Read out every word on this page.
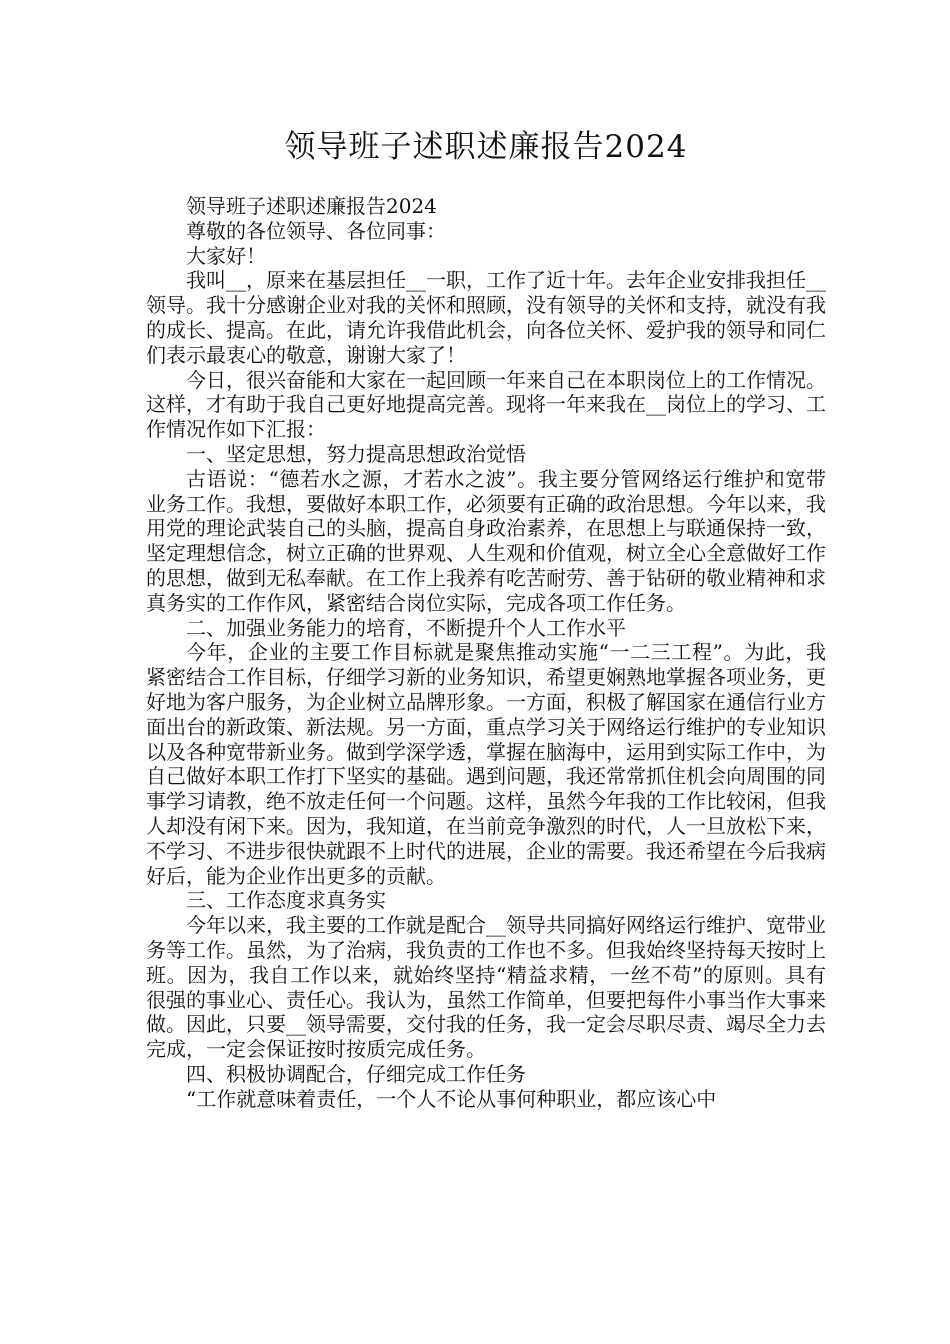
领导班子述职述廉报告2024

领导班子述职述廉报告2024

尊敬的各位领导、各位同事：

大家好！

我叫__，原来在基层担任__一职，工作了近十年。去年企业安排我担任__领导。我十分感谢企业对我的关怀和照顾，没有领导的关怀和支持，就没有我的成长、提高。在此，请允许我借此机会，向各位关怀、爱护我的领导和同仁们表示最衷心的敬意，谢谢大家了！

今日，很兴奋能和大家在一起回顾一年来自己在本职岗位上的工作情况。这样，才有助于我自己更好地提高完善。现将一年来我在__岗位上的学习、工作情况作如下汇报：

一、坚定思想，努力提高思想政治觉悟

古语说：“德若水之源，才若水之波”。我主要分管网络运行维护和宽带业务工作。我想，要做好本职工作，必须要有正确的政治思想。今年以来，我用党的理论武装自己的头脑，提高自身政治素养，在思想上与联通保持一致，坚定理想信念，树立正确的世界观、人生观和价值观，树立全心全意做好工作的思想，做到无私奉献。在工作上我养有吃苦耐劳、善于钻研的敬业精神和求真务实的工作作风，紧密结合岗位实际，完成各项工作任务。

二、加强业务能力的培育，不断提升个人工作水平

今年，企业的主要工作目标就是聚焦推动实施“一二三工程”。为此，我紧密结合工作目标，仔细学习新的业务知识，希望更娴熟地掌握各项业务，更好地为客户服务，为企业树立品牌形象。一方面，积极了解国家在通信行业方面出台的新政策、新法规。另一方面，重点学习关于网络运行维护的专业知识以及各种宽带新业务。做到学深学透，掌握在脑海中，运用到实际工作中，为自己做好本职工作打下坚实的基础。遇到问题，我还常常抓住机会向周围的同事学习请教，绝不放走任何一个问题。这样，虽然今年我的工作比较闲，但我人却没有闲下来。因为，我知道，在当前竞争激烈的时代，人一旦放松下来，不学习、不进步很快就跟不上时代的进展，企业的需要。我还希望在今后我病好后，能为企业作出更多的贡献。

三、工作态度求真务实

今年以来，我主要的工作就是配合__领导共同搞好网络运行维护、宽带业务等工作。虽然，为了治病，我负责的工作也不多。但我始终坚持每天按时上班。因为，我自工作以来，就始终坚持“精益求精，一丝不苟”的原则。具有很强的事业心、责任心。我认为，虽然工作简单，但要把每件小事当作大事来做。因此，只要__领导需要，交付我的任务，我一定会尽职尽责、竭尽全力去完成，一定会保证按时按质完成任务。

四、积极协调配合，仔细完成工作任务

“工作就意味着责任，一个人不论从事何种职业，都应该心中
